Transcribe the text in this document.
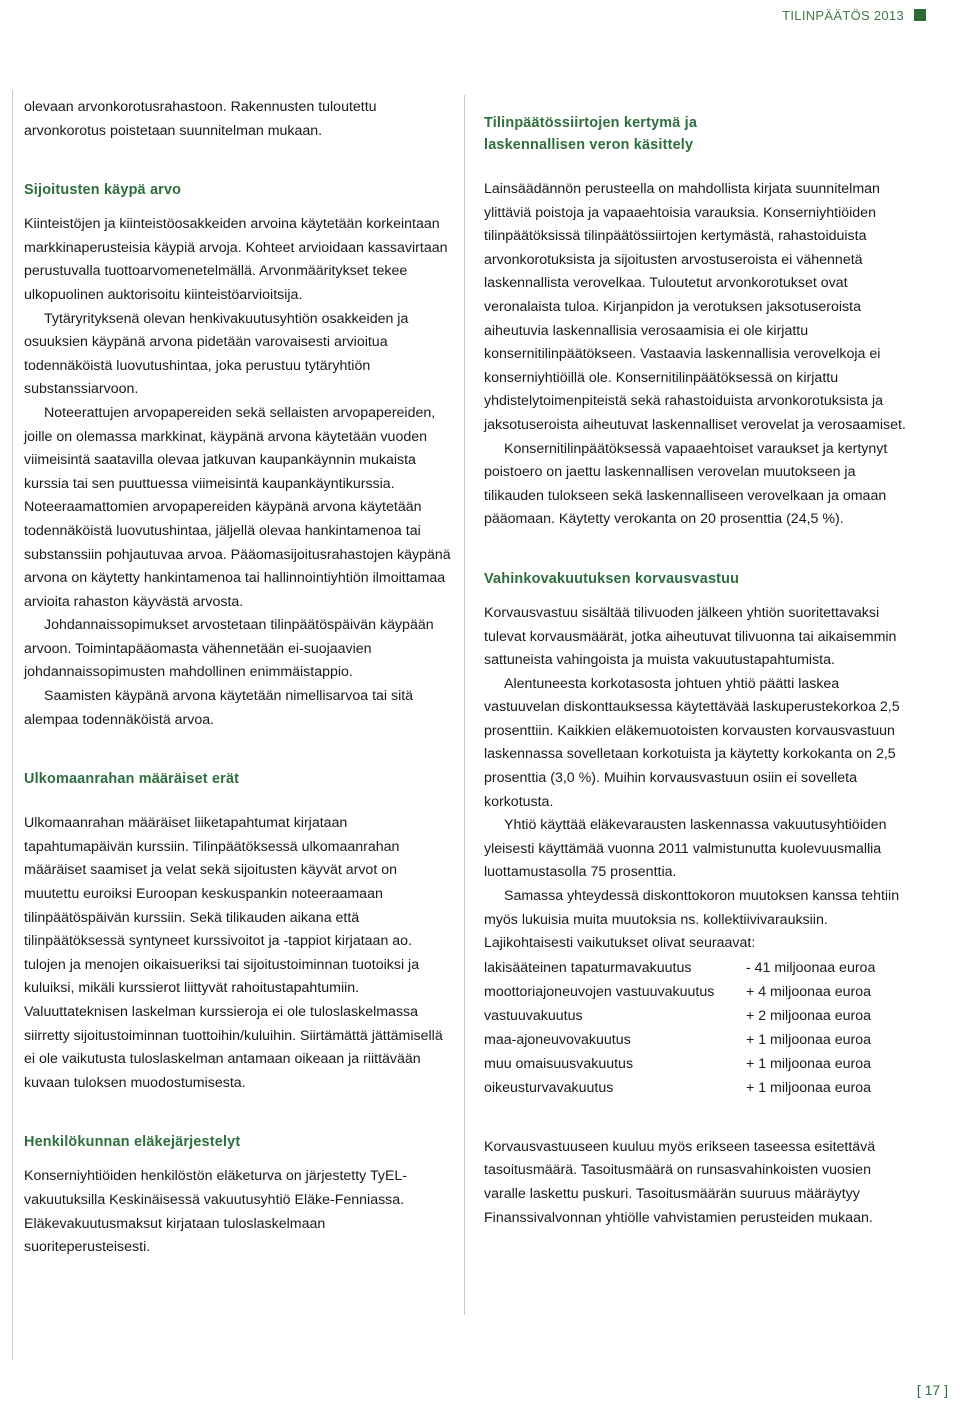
TILINPÄÄTÖS 2013

olevaan arvonkorotusrahastoon. Rakennusten tuloutettu arvonkorotus poistetaan suunnitelman mukaan.

Sijoitusten käypä arvo

Kiinteistöjen ja kiinteistöosakkeiden arvoina käytetään korkeintaan markkinaperusteisia käypiä arvoja. Kohteet arvioidaan kassavirtaan perustuvalla tuottoarvomenetelmällä. Arvonmääritykset tekee ulkopuolinen auktorisoitu kiinteistöarvioitsija.

Tytäryrityksenä olevan henkivakuutusyhtiön osakkeiden ja osuuksien käypänä arvona pidetään varovaisesti arvioitua todennäköistä luovutushintaa, joka perustuu tytäryhtiön substanssiarvoon.

Noteerattujen arvopapereiden sekä sellaisten arvopapereiden, joille on olemassa markkinat, käypänä arvona käytetään vuoden viimeisintä saatavilla olevaa jatkuvan kaupankäynnin mukaista kurssia tai sen puuttuessa viimeisintä kaupankäyntikurssia. Noteeraamattomien arvopapereiden käypänä arvona käytetään todennäköistä luovutushintaa, jäljellä olevaa hankintamenoa tai substanssiin pohjautuvaa arvoa. Pääomasijoitusrahastojen käypänä arvona on käytetty hankintamenoa tai hallinnointiyhtiön ilmoittamaa arvioita rahaston käyvästä arvosta.

Johdannaissopimukset arvostetaan tilinpäätöspäivän käypään arvoon. Toimintapääomasta vähennetään ei-suojaavien johdannaissopimusten mahdollinen enimmäistappio.

Saamisten käypänä arvona käytetään nimellisarvoa tai sitä alempaa todennäköistä arvoa.

Ulkomaanrahan määräiset erät

Ulkomaanrahan määräiset liiketapahtumat kirjataan tapahtumapäivän kurssiin. Tilinpäätöksessä ulkomaanrahan määräiset saamiset ja velat sekä sijoitusten käyvät arvot on muutettu euroiksi Euroopan keskuspankin noteeraamaan tilinpäätöspäivän kurssiin. Sekä tilikauden aikana että tilinpäätöksessä syntyneet kurssivoitot ja -tappiot kirjataan ao. tulojen ja menojen oikaisueriksi tai sijoitustoiminnan tuotoiksi ja kuluiksi, mikäli kurssierot liittyvät rahoitustapahtumiin. Valuuttateknisen laskelman kurssieroja ei ole tuloslaskelmassa siirretty sijoitustoiminnan tuottoihin/kuluihin. Siirtämättä jättämisellä ei ole vaikutusta tuloslaskelman antamaan oikeaan ja riittävään kuvaan tuloksen muodostumisesta.

Henkilökunnan eläkejärjestelyt

Konserniyhtiöiden henkilöstön eläketurva on järjestetty TyEL-vakuutuksilla Keskinäisessä vakuutusyhtiö Eläke-Fenniassa. Eläkevakuutusmaksut kirjataan tuloslaskelmaan suoriteperusteisesti.

Tilinpäätössiirtojen kertymä ja laskennallisen veron käsittely

Lainsäädännön perusteella on mahdollista kirjata suunnitelman ylittäviä poistoja ja vapaaehtoisia varauksia. Konserniyhtiöiden tilinpäätöksissä tilinpäätössiirtojen kertymästä, rahastoiduista arvonkorotuksista ja sijoitusten arvostuseroista ei vähennetä laskennallista verovelkaa. Tuloutetut arvonkorotukset ovat veronalaista tuloa. Kirjanpidon ja verotuksen jaksotuseroista aiheutuvia laskennallisia verosaamisia ei ole kirjattu konsernitilinpäätökseen. Vastaavia laskennallisia verovelkoja ei konserniyhtiöillä ole. Konsernitilinpäätöksessä on kirjattu yhdistelytoimenpiteistä sekä rahastoiduista arvonkorotuksista ja jaksotuseroista aiheutuvat laskennalliset verovelat ja verosaamiset.

Konsernitilinpäätöksessä vapaaehtoiset varaukset ja kertynyt poistoero on jaettu laskennallisen verovelan muutokseen ja tilikauden tulokseen sekä laskennalliseen verovelkaan ja omaan pääomaan. Käytetty verokanta on 20 prosenttia (24,5 %).

Vahinkovakuutuksen korvausvastuu

Korvausvastuu sisältää tilivuoden jälkeen yhtiön suoritettavaksi tulevat korvausmäärät, jotka aiheutuvat tilivuonna tai aikaisemmin sattuneista vahingoista ja muista vakuutustapahtumista.

Alentuneesta korkotasosta johtuen yhtiö päätti laskea vastuuvelan diskonttauksessa käytettävää laskuperustekorkoa 2,5 prosenttiin. Kaikkien eläkemuotoisten korvausten korvausvastuun laskennassa sovelletaan korkotuista ja käytetty korkokanta on 2,5 prosenttia (3,0 %). Muihin korvausvastuun osiin ei sovelleta korkotusta.

Yhtiö käyttää eläkevarausten laskennassa vakuutusyhtiöiden yleisesti käyttämää vuonna 2011 valmistunutta kuolevuusmallia luottamustasolla 75 prosenttia.

Samassa yhteydessä diskonttokoron muutoksen kanssa tehtiin myös lukuisia muita muutoksia ns. kollektiivivarauksiin. Lajikohtaisesti vaikutukset olivat seuraavat:

lakisääteinen tapaturmavakuutus	- 41 miljoonaa euroa
moottoriajoneuvojen vastuuvakuutus	+ 4 miljoonaa euroa
vastuuvakuutus	+ 2 miljoonaa euroa
maa-ajoneuvovakuutus	+ 1 miljoonaa euroa
muu omaisuusvakuutus	+ 1 miljoonaa euroa
oikeusturvavakuutus	+ 1 miljoonaa euroa

Korvausvastuuseen kuuluu myös erikseen taseessa esitettävä tasoitusmäärä. Tasoitusmäärä on runsasvahinkoisten vuosien varalle laskettu puskuri. Tasoitusmäärän suuruus määräytyy Finanssivalvonnan yhtiölle vahvistamien perusteiden mukaan.

[ 17 ]
